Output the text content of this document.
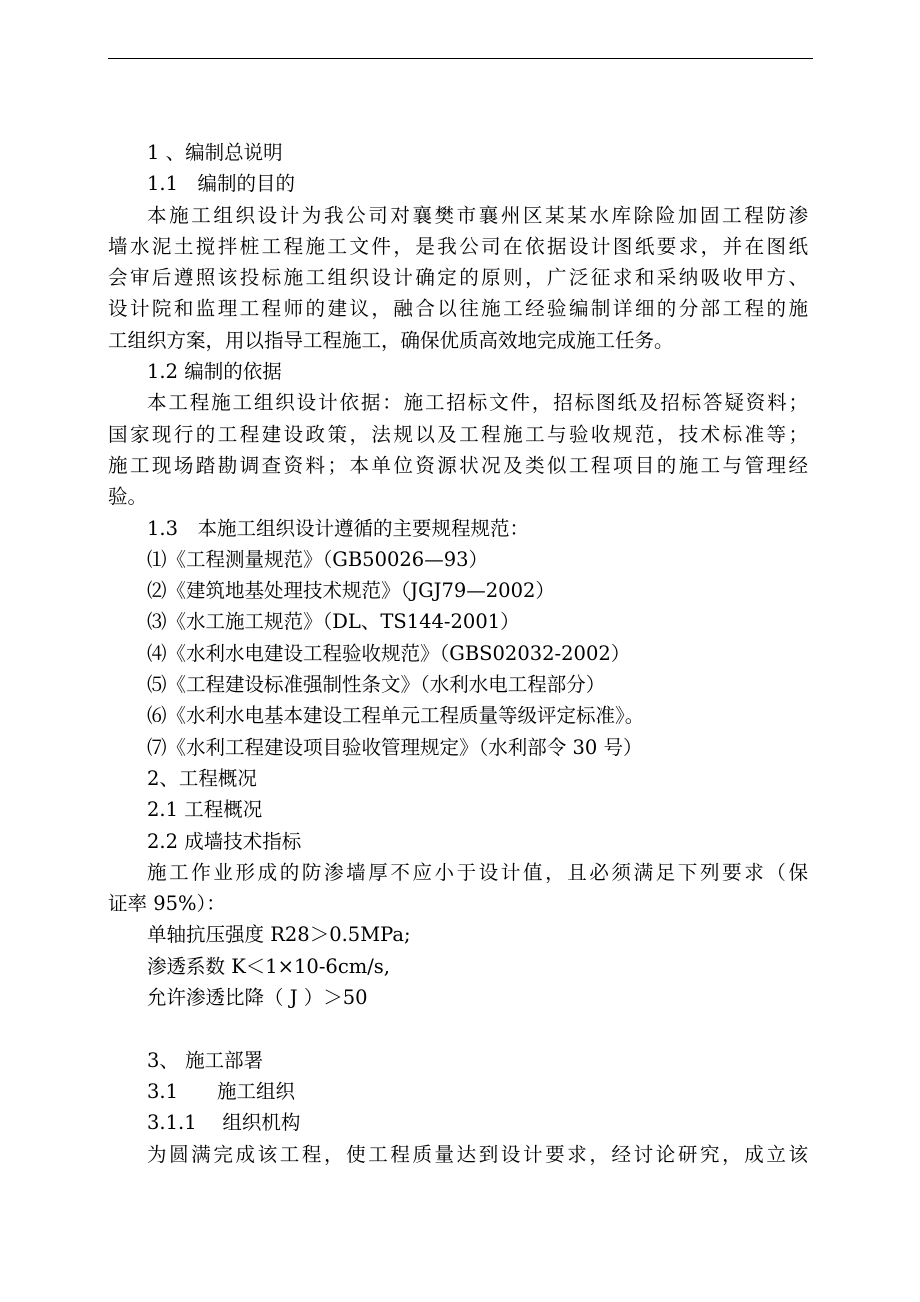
1 、编制总说明
1.1　编制的目的
本施工组织设计为我公司对襄樊市襄州区某某水库除险加固工程防渗
墙水泥土搅拌桩工程施工文件，是我公司在依据设计图纸要求，并在图纸
会审后遵照该投标施工组织设计确定的原则，广泛征求和采纳吸收甲方、
设计院和监理工程师的建议，融合以往施工经验编制详细的分部工程的施
工组织方案，用以指导工程施工，确保优质高效地完成施工任务。
1.2 编制的依据
本工程施工组织设计依据：施工招标文件，招标图纸及招标答疑资料；
国家现行的工程建设政策，法规以及工程施工与验收规范，技术标准等；
施工现场踏勘调查资料；本单位资源状况及类似工程项目的施工与管理经
验。
1.3　本施工组织设计遵循的主要规程规范：
⑴《工程测量规范》（GB50026—93）
⑵《建筑地基处理技术规范》（JGJ79—2002）
⑶《水工施工规范》（DL、TS144-2001）
⑷《水利水电建设工程验收规范》（GBS02032-2002）
⑸《工程建设标准强制性条文》（水利水电工程部分）
⑹《水利水电基本建设工程单元工程质量等级评定标准》。
⑺《水利工程建设项目验收管理规定》（水利部令 30 号）
2、工程概况
2.1 工程概况
2.2 成墙技术指标
施工作业形成的防渗墙厚不应小于设计值，且必须满足下列要求（保
证率 95%）：
单轴抗压强度 R28＞0.5MPa;
渗透系数 K＜1×10-6cm/s,
允许渗透比降（ J ）＞50
3、 施工部署
3.1　　施工组织
3.1.1　 组织机构
为圆满完成该工程，使工程质量达到设计要求，经讨论研究，成立该
